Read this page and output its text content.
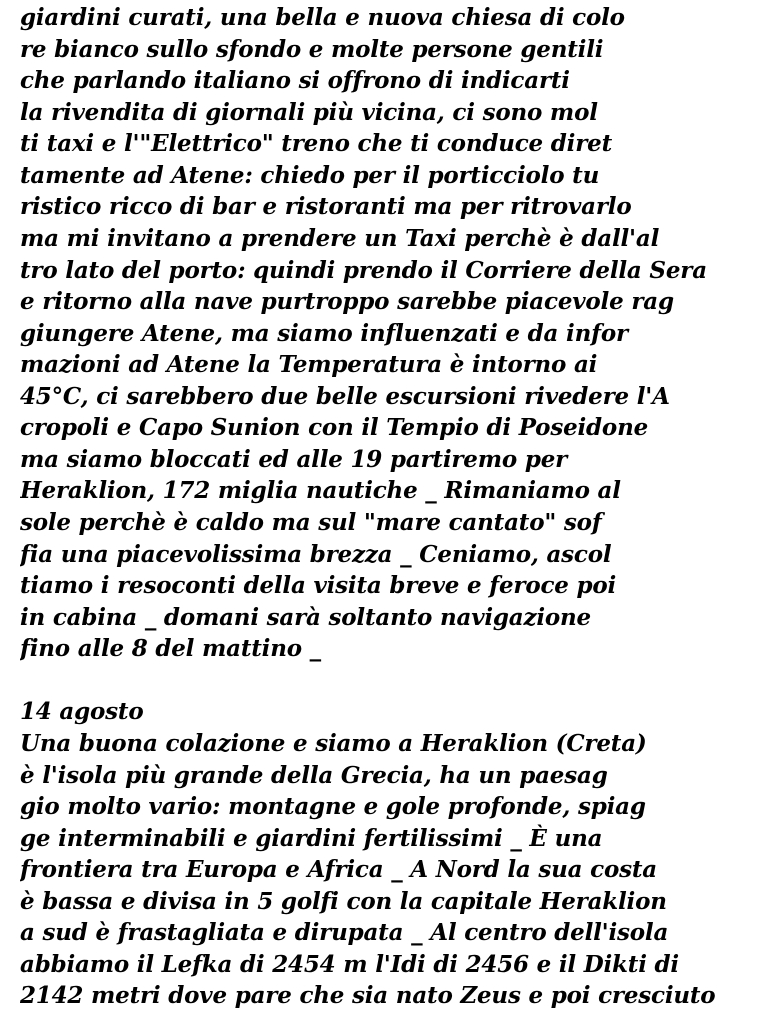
giardini curati, una bella e nuova chiesa di colo
re bianco sullo sfondo e molte persone gentili
che parlando italiano si offrono di indicarti
la rivendita di giornali più vicina, ci sono mol
ti taxi e l'"Elettrico" treno che ti conduce diret
tamente ad Atene: chiedo per il porticciolo tu
ristico ricco di bar e ristoranti ma per ritrovarlo
ma mi invitano a prendere un Taxi perchè è dall'al
tro lato del porto: quindi prendo il Corriere della Sera
e ritorno alla nave purtroppo sarebbe piacevole rag
giungere Atene, ma siamo influenzati e da infor
mazioni ad Atene la Temperatura è intorno ai
45°C, ci sarebbero due belle escursioni rivedere l'A
cropoli e Capo Sunion con il Tempio di Poseidone
ma siamo bloccati ed alle 19 partiremo per
Heraklion, 172 miglia nautiche _ Rimaniamo al
sole perchè è caldo ma sul "mare cantato" sof
fia una piacevolissima brezza _ Ceniamo, ascol
tiamo i resoconti della visita breve e feroce poi
in cabina _ domani sarà soltanto navigazione
fino alle 8 del mattino _
14 agosto
Una buona colazione e siamo a Heraklion (Creta)
è l'isola più grande della Grecia, ha un paesag
gio molto vario: montagne e gole profonde, spiag
ge interminabili e giardini fertilissimi _ È una
frontiera tra Europa e Africa _ A Nord la sua costa
è bassa e divisa in 5 golfi con la capitale Heraklion
a sud è frastagliata e dirupata _ Al centro dell'isola
abbiamo il Lefka di 2454 m l'Idi di 2456 e il Dikti di
2142 metri dove pare che sia nato Zeus e poi cresciuto
